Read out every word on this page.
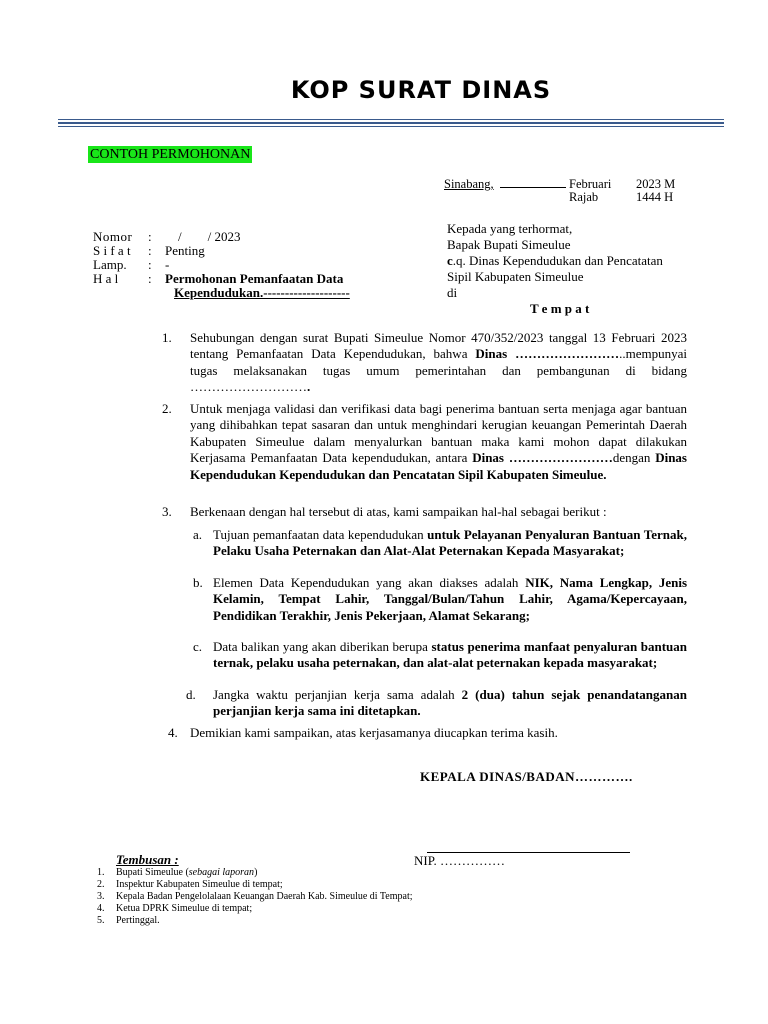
KOP SURAT DINAS
CONTOH PERMOHONAN
Sinabang,	Februari 2023 M
Rajab	1444 H
Nomor : /        / 2023
S i f a t : Penting
Lamp. : -
H a l : Permohonan Pemanfaatan Data
Kependudukan.--------------------
Kepada yang terhormat,
Bapak Bupati Simeulue
c.q. Dinas Kependudukan dan Pencatatan
Sipil Kabupaten Simeulue
di
T e m p a t
1. Sehubungan dengan surat Bupati Simeulue Nomor 470/352/2023 tanggal 13 Februari 2023 tentang Pemanfaatan Data Kependudukan, bahwa Dinas ……………………..mempunyai tugas melaksanakan tugas umum pemerintahan dan pembangunan di bidang ……………………….
2. Untuk menjaga validasi dan verifikasi data bagi penerima bantuan serta menjaga agar bantuan yang dihibahkan tepat sasaran dan untuk menghindari kerugian keuangan Pemerintah Daerah Kabupaten Simeulue dalam menyalurkan bantuan maka kami mohon dapat dilakukan Kerjasama Pemanfaatan Data kependudukan, antara Dinas ……………………dengan Dinas Kependudukan Kependudukan dan Pencatatan Sipil Kabupaten Simeulue.
3. Berkenaan dengan hal tersebut di atas, kami sampaikan hal-hal sebagai berikut :
a. Tujuan pemanfaatan data kependudukan untuk Pelayanan Penyaluran Bantuan Ternak, Pelaku Usaha Peternakan dan Alat-Alat Peternakan Kepada Masyarakat;
b. Elemen Data Kependudukan yang akan diakses adalah NIK, Nama Lengkap, Jenis Kelamin, Tempat Lahir, Tanggal/Bulan/Tahun Lahir, Agama/Kepercayaan, Pendidikan Terakhir, Jenis Pekerjaan, Alamat Sekarang;
c. Data balikan yang akan diberikan berupa status penerima manfaat penyaluran bantuan ternak, pelaku usaha peternakan, dan alat-alat peternakan kepada masyarakat;
d. Jangka waktu perjanjian kerja sama adalah 2 (dua) tahun sejak penandatanganan perjanjian kerja sama ini ditetapkan.
4. Demikian kami sampaikan, atas kerjasamanya diucapkan terima kasih.
KEPALA DINAS/BADAN………….
NIP. ……………
Tembusan :
1. Bupati Simeulue (sebagai laporan)
2. Inspektur Kabupaten Simeulue di tempat;
3. Kepala Badan Pengelolalaan Keuangan Daerah Kab. Simeulue di Tempat;
4. Ketua DPRK Simeulue di tempat;
5. Pertinggal.
